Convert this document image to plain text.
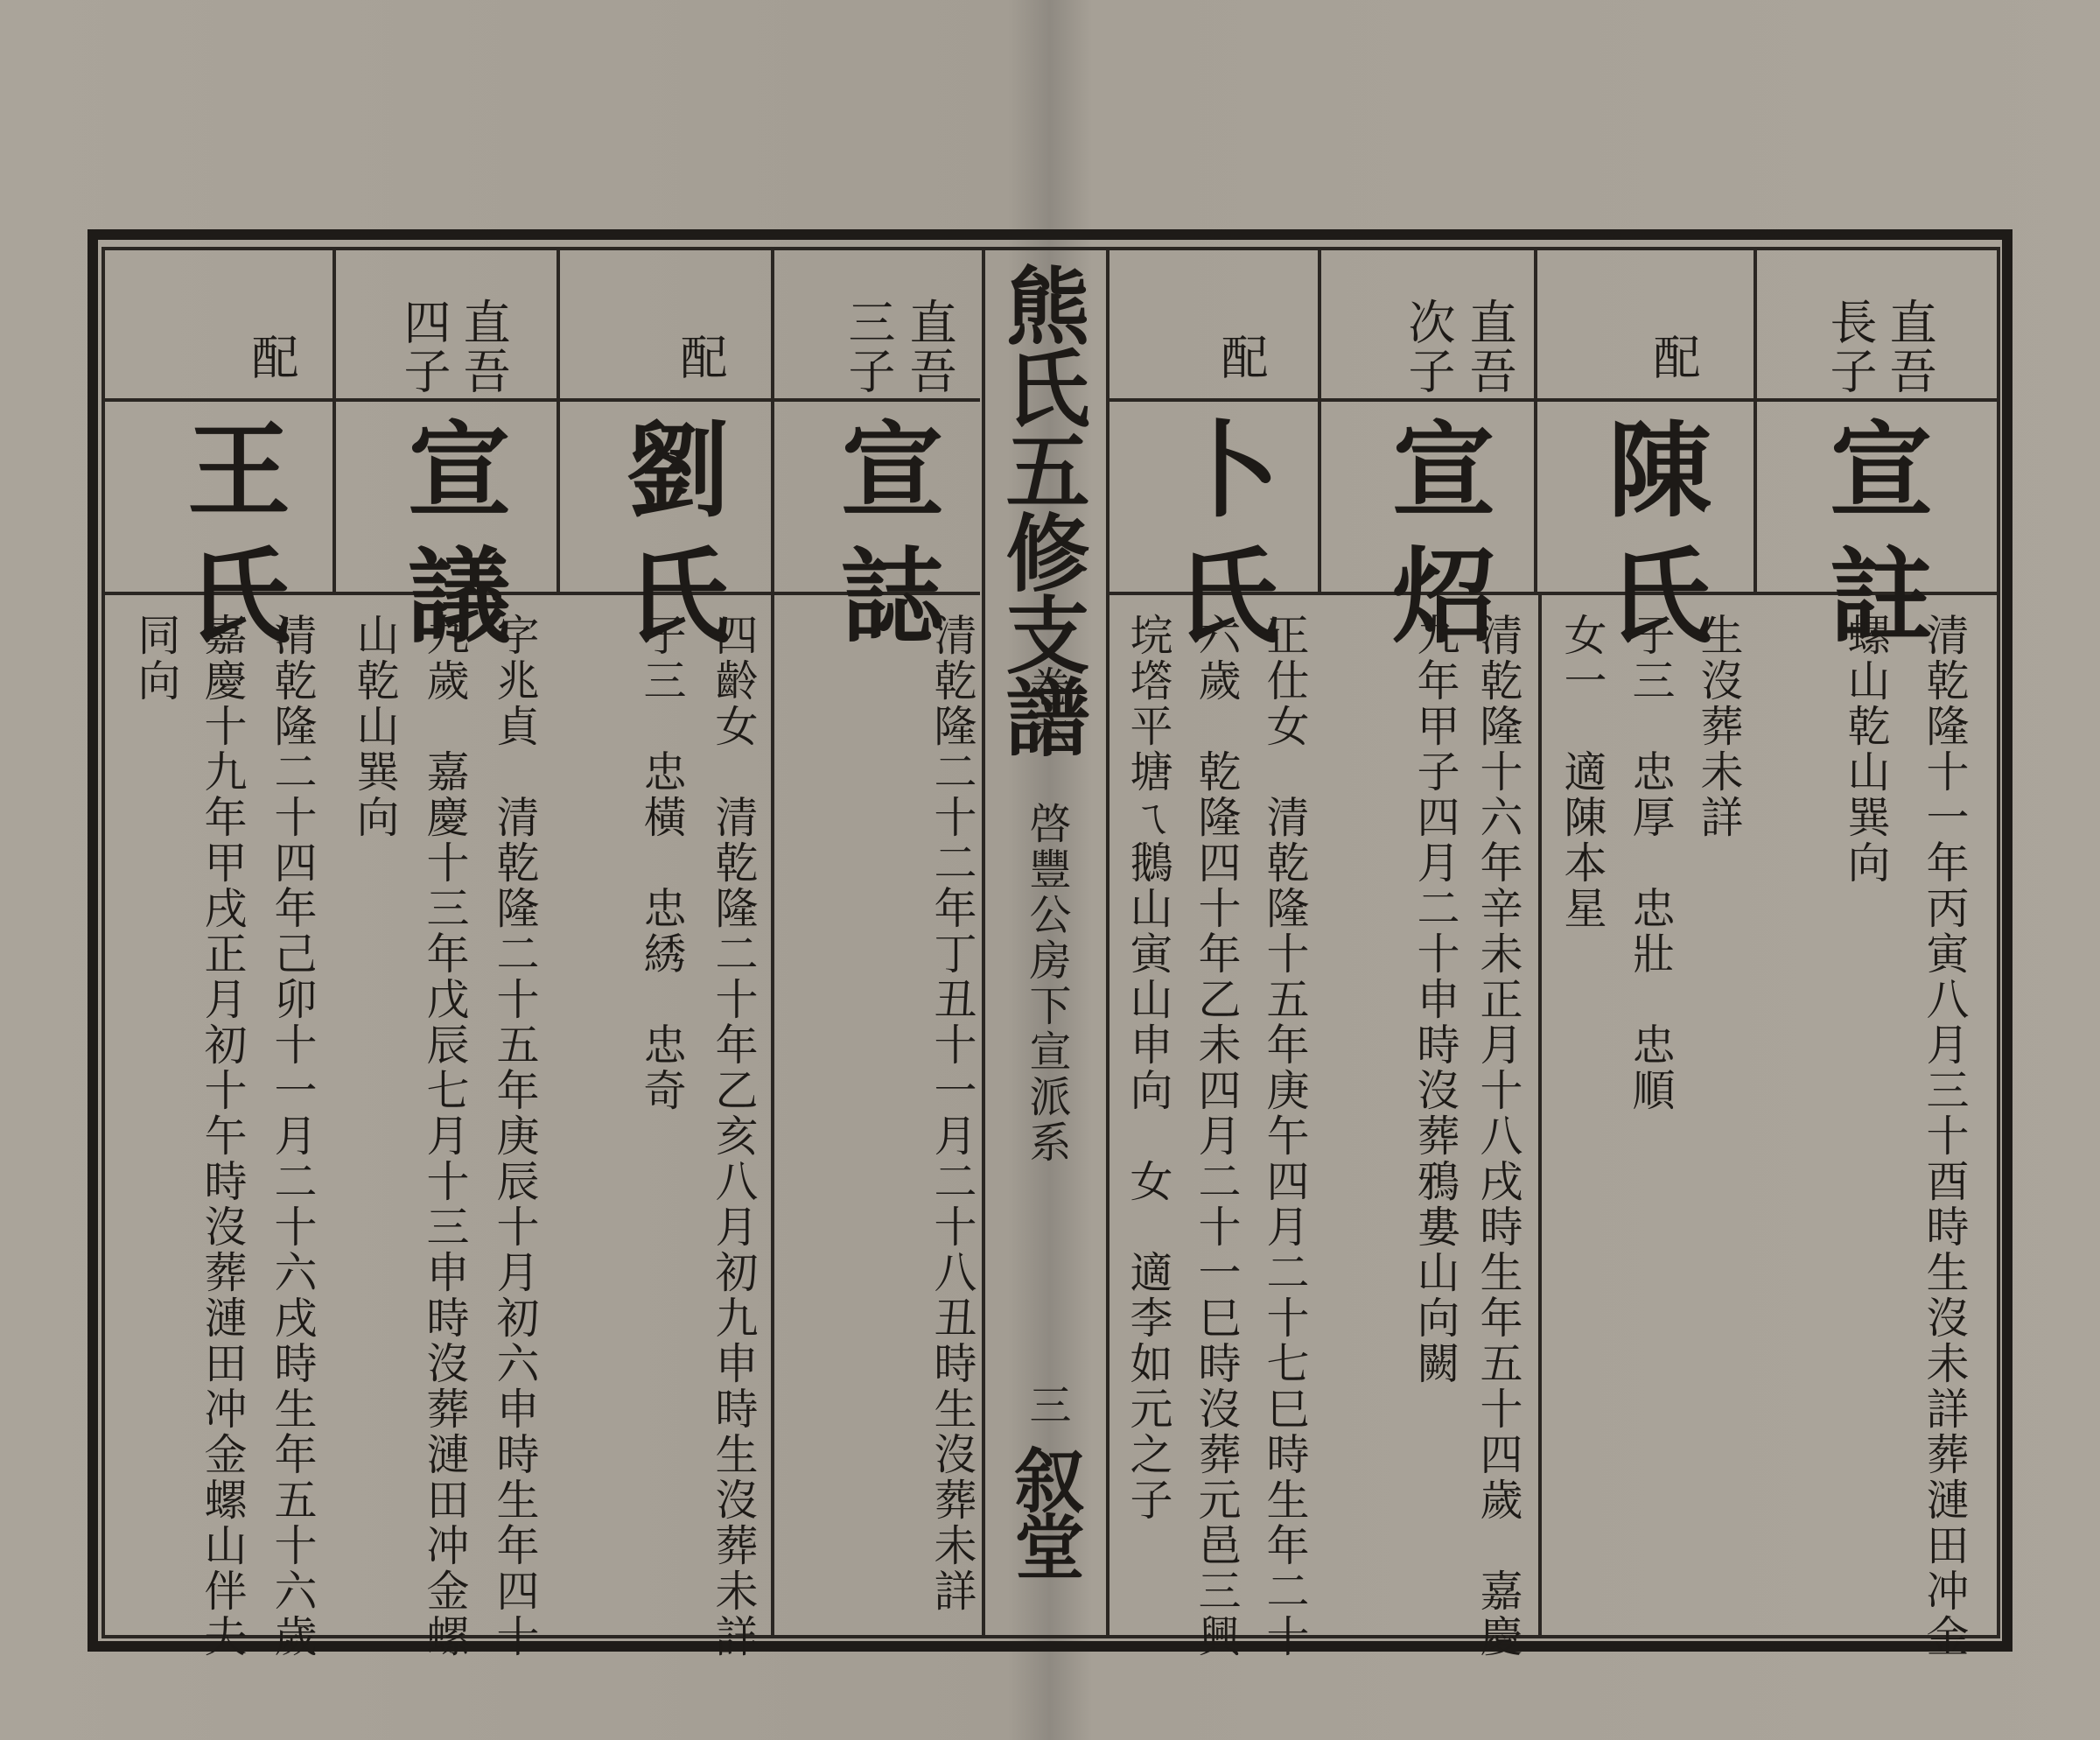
熊氏五修支譜
卷六　啓豐公房下宣派系
三
叙堂
直吾
長子
配
宣註
陳氏
清乾隆十一年丙寅八月三十酉時生沒未詳葬漣田冲金
螺山乾山巽向
生沒葬未詳
子三　忠厚　忠壯　忠順
女一　適陳本星
直吾
次子
配
宣炤
卜氏
清乾隆十六年辛未正月十八戌時生年五十四歲　嘉慶
九年甲子四月二十申時沒葬鴉婁山向闕
正仕女　清乾隆十五年庚午四月二十七巳時生年二十
六歲　乾隆四十年乙未四月二十一巳時沒葬元邑三興
垸㙮平塘ㄟ鵝山寅山申向　女　適李如元之子
直吾
三子
配
宣誌
劉氏
清乾隆二十二年丁丑十一月二十八丑時生沒葬未詳
四齡女　清乾隆二十年乙亥八月初九申時生沒葬未詳
子三　忠橫　忠綉　忠奇
直吾
四子
配
宣議
王氏
字兆貞　清乾隆二十五年庚辰十月初六申時生年四十
九歲　嘉慶十三年戊辰七月十三申時沒葬漣田冲金螺
山乾山巽向
清乾隆二十四年己卯十一月二十六戌時生年五十六歲
嘉慶十九年甲戌正月初十午時沒葬漣田冲金螺山伴夫
同向
